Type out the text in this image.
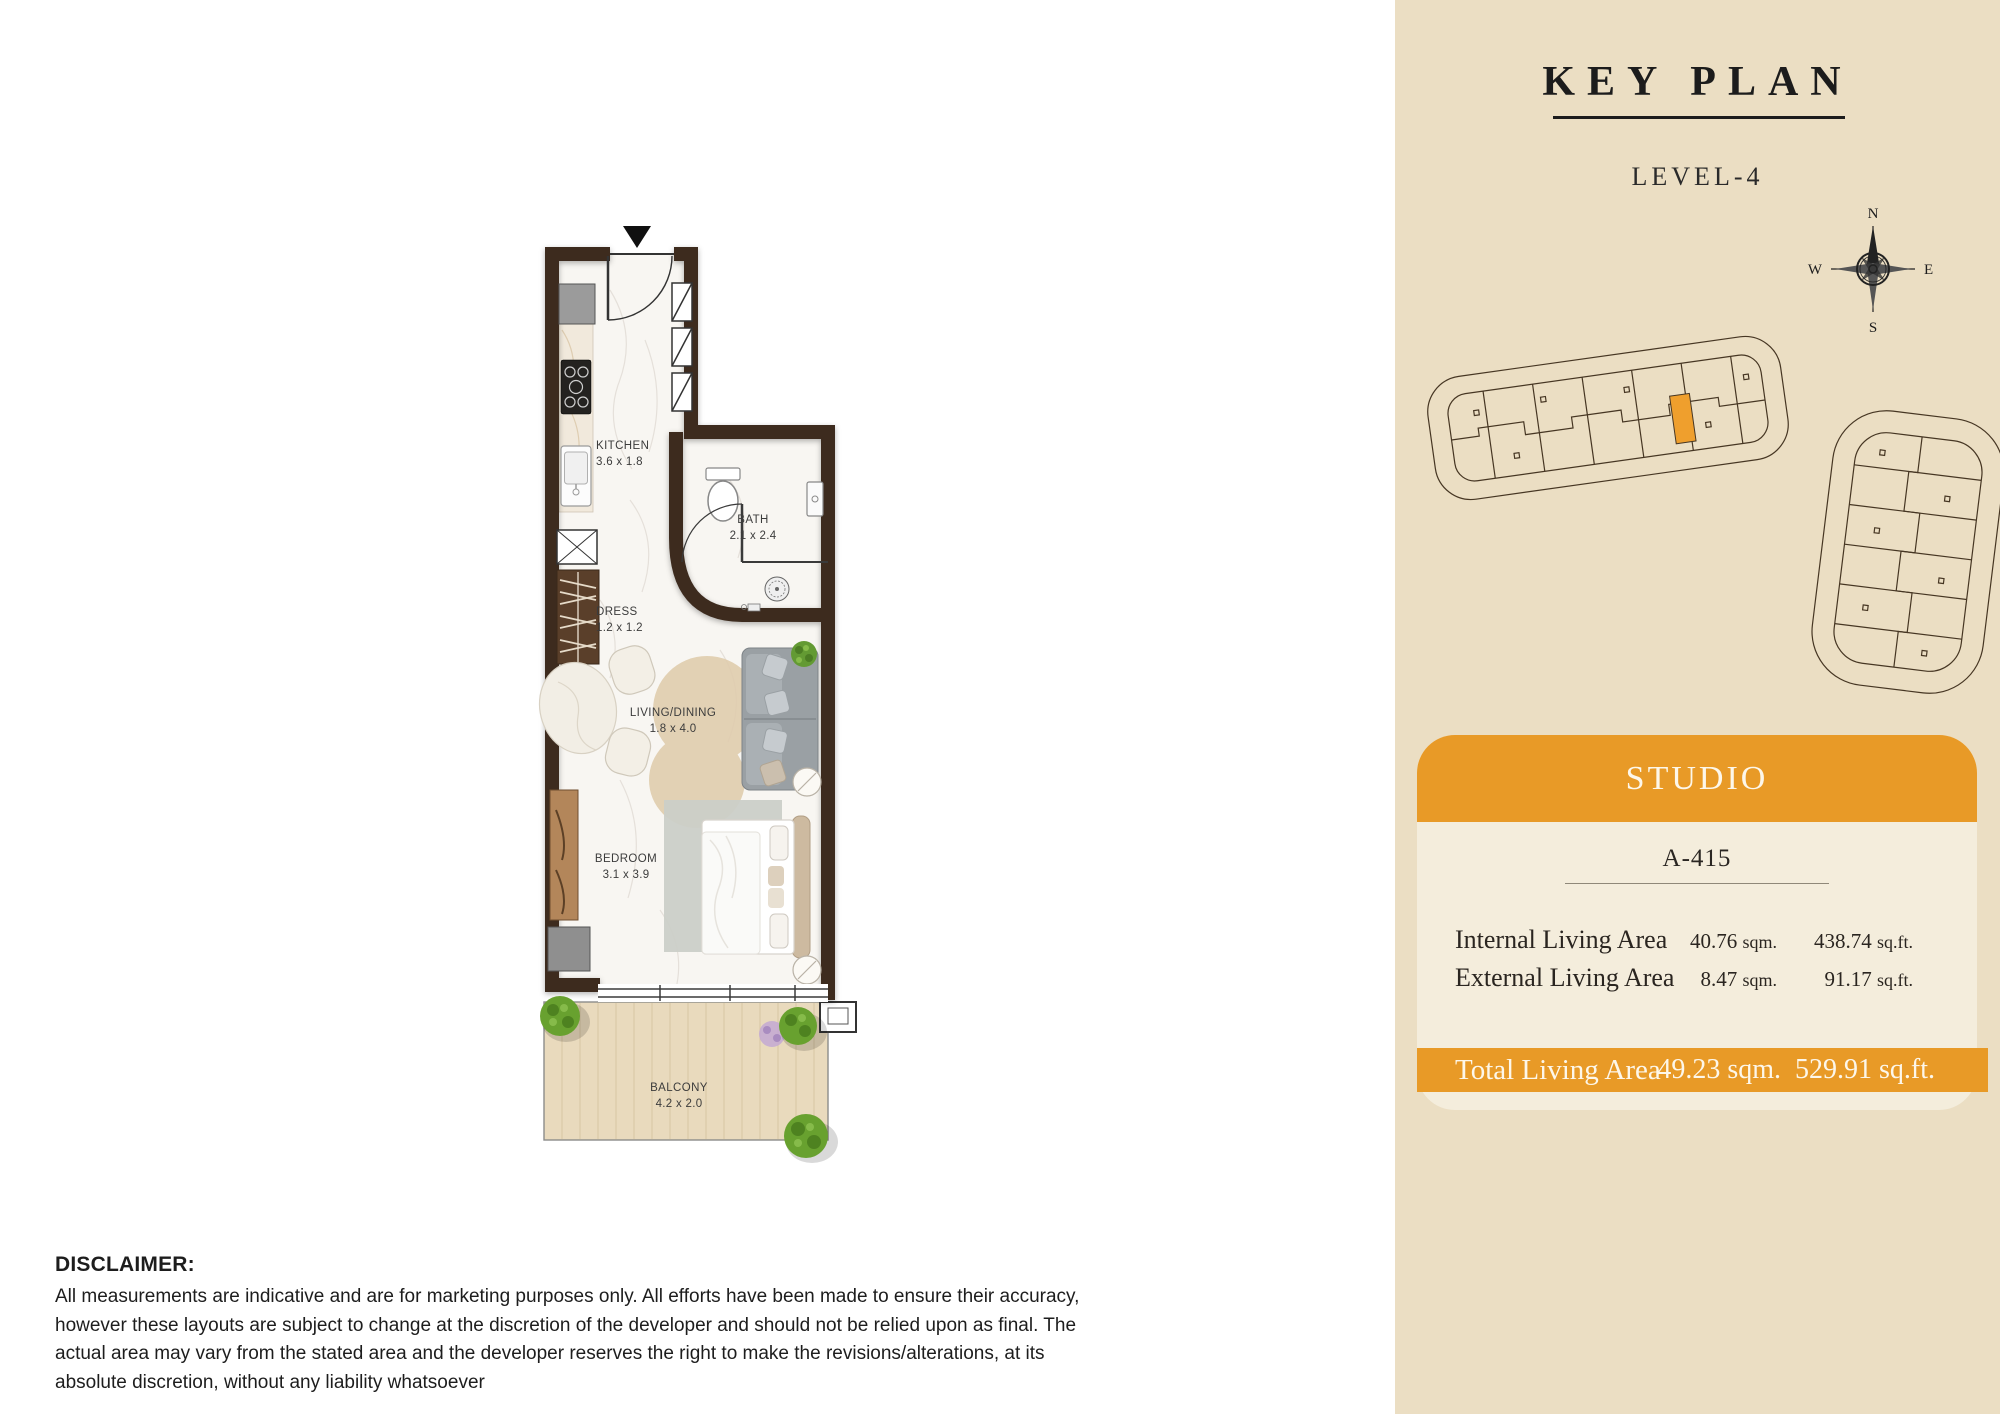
KITCHEN
3.6 x 1.8
BATH
2.1 x 2.4
DRESS
1.2 x 1.2
LIVING/DINING
1.8 x 4.0
BEDROOM
3.1 x 3.9
BALCONY
4.2 x 2.0
KEY PLAN
LEVEL-4
N
S
W	E
STUDIO
A-415
Internal Living Area 40.76 sqm. 438.74 sq.ft.
External Living Area 8.47 sqm. 91.17 sq.ft.
Total Living Area
49.23 sqm. 529.91 sq.ft.
DISCLAIMER:

All measurements are indicative and are for marketing purposes only. All efforts have been made to ensure their accuracy, however these layouts are subject to change at the discretion of the developer and should not be relied upon as final. The actual area may vary from the stated area and the developer reserves the right to make the revisions/alterations, at its absolute discretion, without any liability whatsoever
